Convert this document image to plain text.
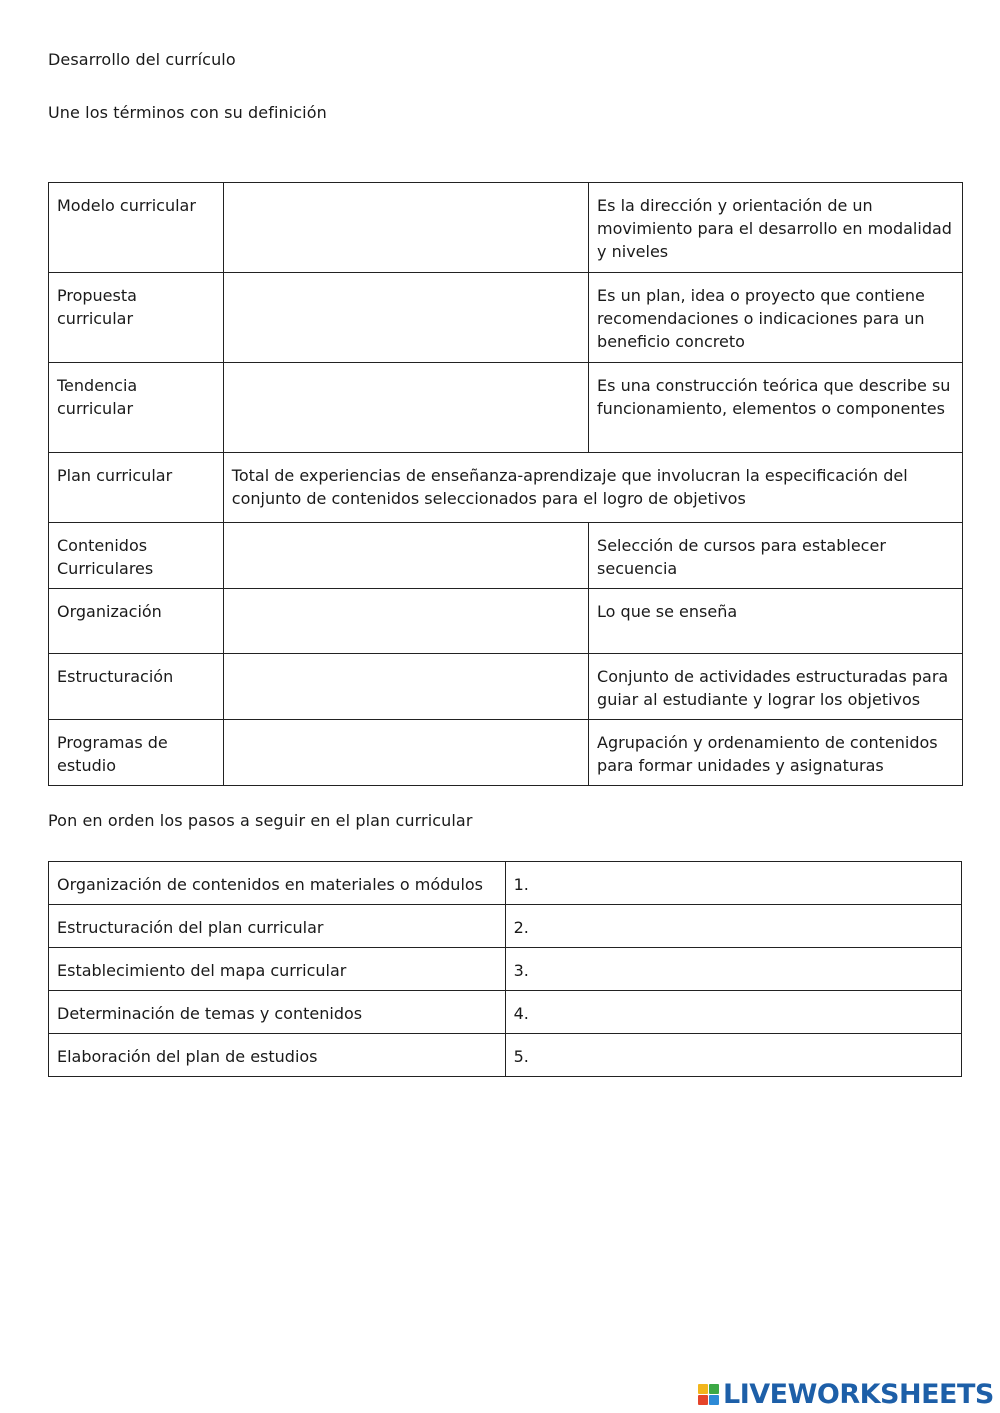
Desarrollo del currículo
Une los términos con su definición
Modelo curricular		Es la dirección y orientación de un movimiento para el desarrollo en modalidad y niveles
Propuesta curricular		Es un plan, idea o proyecto que contiene recomendaciones o indicaciones para un beneficio concreto
Tendencia curricular		Es una construcción teórica que describe su funcionamiento, elementos o componentes
Plan curricular	Total de experiencias de enseñanza-aprendizaje que involucran la especificación del conjunto de contenidos seleccionados para el logro de objetivos	
Contenidos Curriculares		Selección de cursos para establecer secuencia
Organización		Lo que se enseña
Estructuración		Conjunto de actividades estructuradas para guiar al estudiante y lograr los objetivos
Programas de estudio		Agrupación y ordenamiento de contenidos para formar unidades y asignaturas
Pon en orden los pasos a seguir en el plan curricular
Organización de contenidos en materiales o módulos	1.
Estructuración del plan curricular	2.
Establecimiento del mapa curricular	3.
Determinación de temas y contenidos	4.
Elaboración del plan de estudios	5.
LIVEWORKSHEETS
